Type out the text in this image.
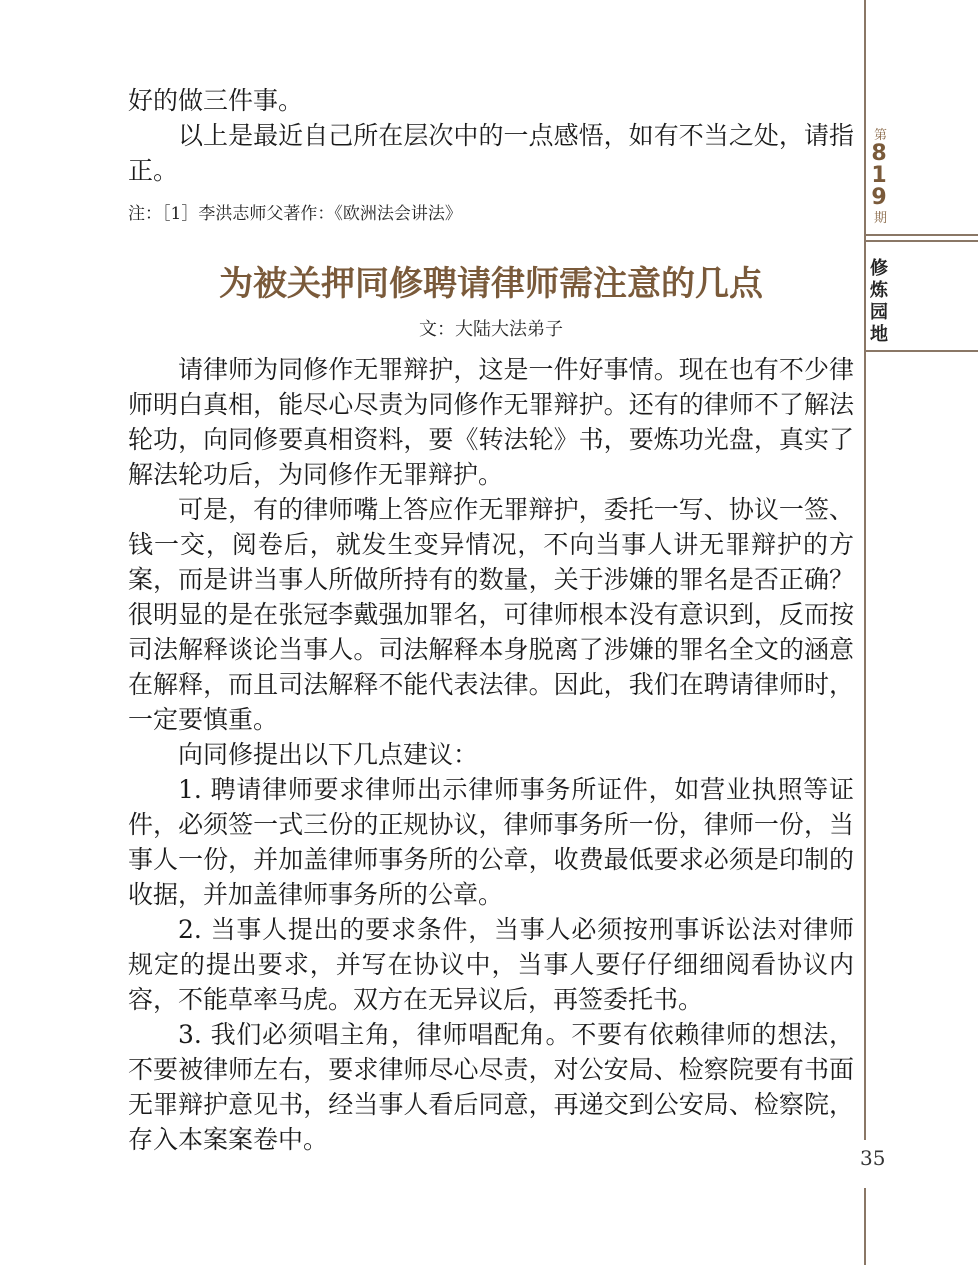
好的做三件事。

以上是最近自己所在层次中的一点感悟，如有不当之处，请指正。

注：［1］李洪志师父著作：《欧洲法会讲法》
为被关押同修聘请律师需注意的几点
文：大陆大法弟子

请律师为同修作无罪辩护，这是一件好事情。现在也有不少律师明白真相，能尽心尽责为同修作无罪辩护。还有的律师不了解法轮功，向同修要真相资料，要《转法轮》书，要炼功光盘，真实了解法轮功后，为同修作无罪辩护。

可是，有的律师嘴上答应作无罪辩护，委托一写、协议一签、钱一交，阅卷后，就发生变异情况，不向当事人讲无罪辩护的方案，而是讲当事人所做所持有的数量，关于涉嫌的罪名是否正确？很明显的是在张冠李戴强加罪名，可律师根本没有意识到，反而按司法解释谈论当事人。司法解释本身脱离了涉嫌的罪名全文的涵意在解释，而且司法解释不能代表法律。因此，我们在聘请律师时，一定要慎重。

向同修提出以下几点建议：

1. 聘请律师要求律师出示律师事务所证件，如营业执照等证件，必须签一式三份的正规协议，律师事务所一份，律师一份，当事人一份，并加盖律师事务所的公章，收费最低要求必须是印制的收据，并加盖律师事务所的公章。

2. 当事人提出的要求条件，当事人必须按刑事诉讼法对律师规定的提出要求，并写在协议中，当事人要仔仔细细阅看协议内容，不能草率马虎。双方在无异议后，再签委托书。

3. 我们必须唱主角，律师唱配角。不要有依赖律师的想法，不要被律师左右，要求律师尽心尽责，对公安局、检察院要有书面无罪辩护意见书，经当事人看后同意，再递交到公安局、检察院，存入本案案卷中。

第
819
期
修炼园地
35
